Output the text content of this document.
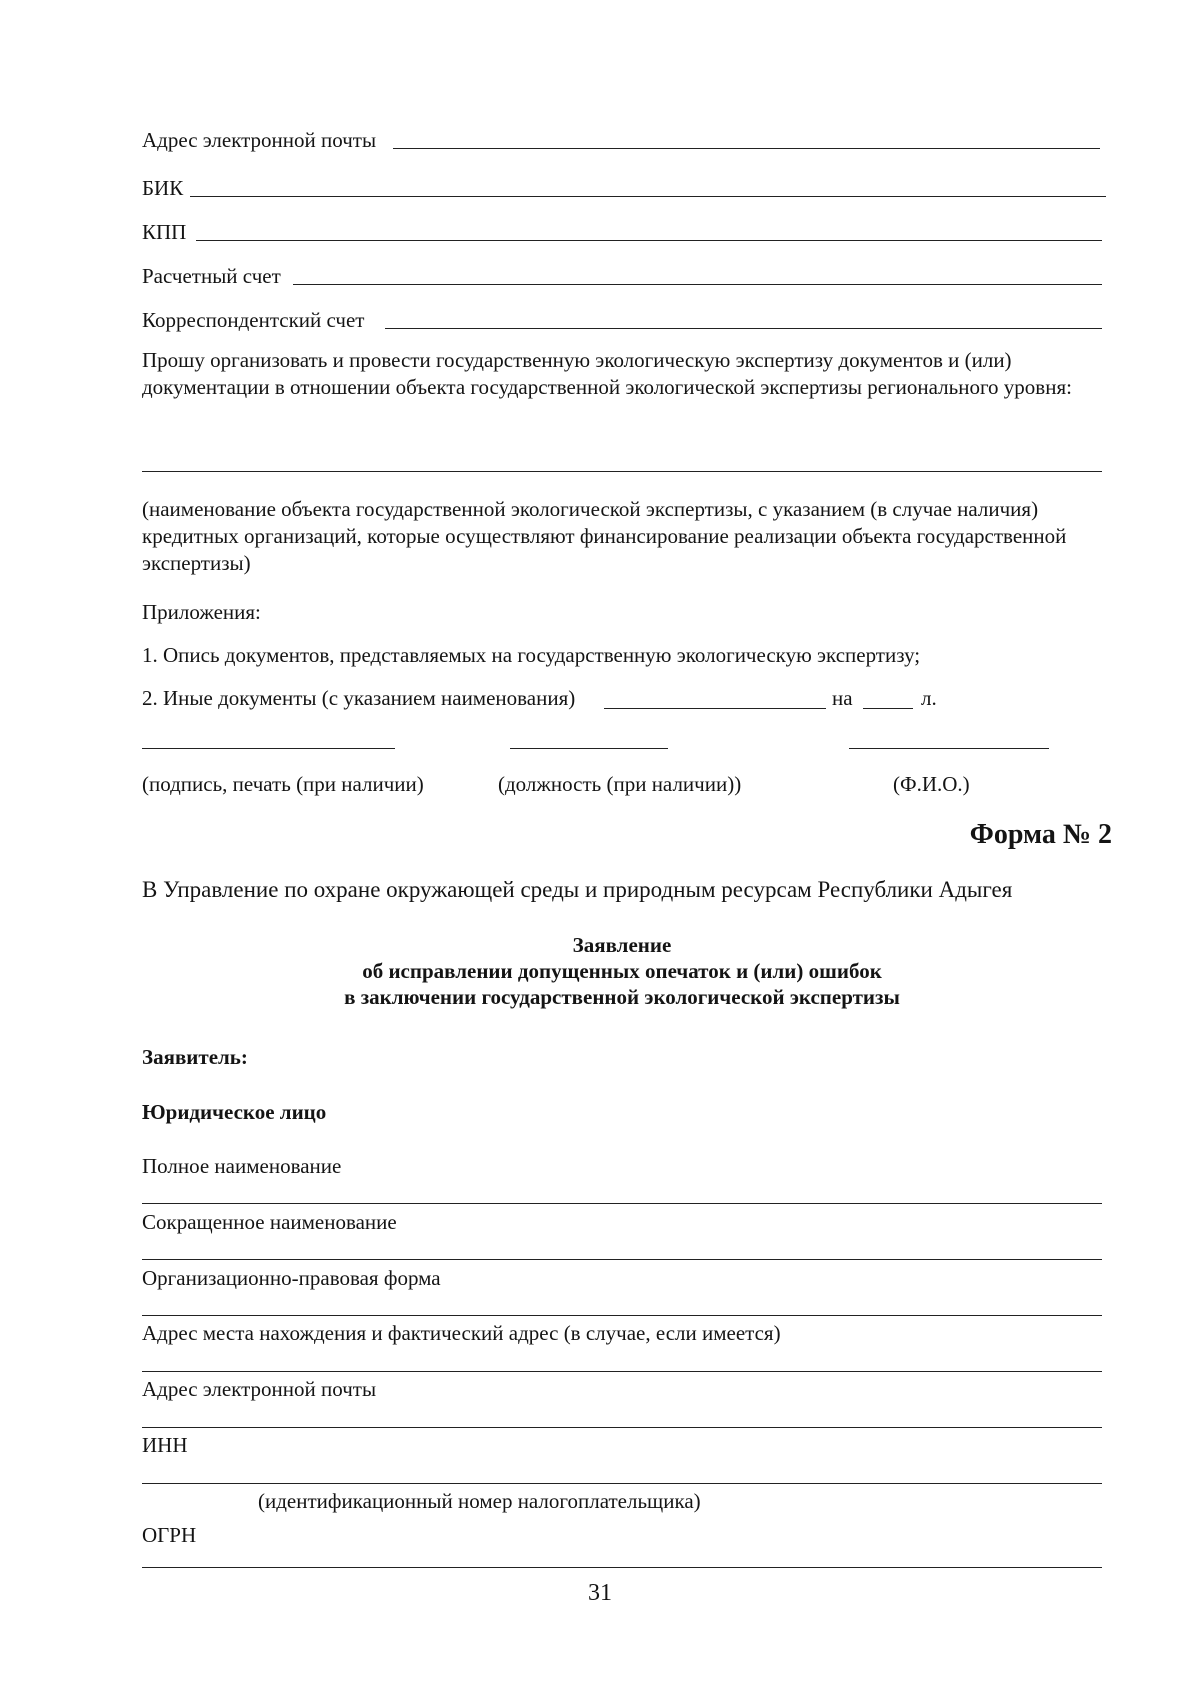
Адрес электронной почты
БИК
КПП
Расчетный счет
Корреспондентский счет
Прошу организовать и провести государственную экологическую экспертизу документов и (или) документации в отношении объекта государственной экологической экспертизы регионального уровня:
(наименование объекта государственной экологической экспертизы, с указанием (в случае наличия) кредитных организаций, которые осуществляют финансирование реализации объекта государственной экспертизы)
Приложения:
1. Опись документов, представляемых на государственную экологическую экспертизу;
2. Иные документы (с указанием наименования)	на	л.
(подпись, печать (при наличии)	(должность (при наличии))	(Ф.И.О.)
Форма № 2
В Управление по охране окружающей среды и природным ресурсам Республики Адыгея
Заявление
об исправлении допущенных опечаток и (или) ошибок
в заключении государственной экологической экспертизы
Заявитель:
Юридическое лицо
Полное наименование
Сокращенное наименование
Организационно-правовая форма
Адрес места нахождения и фактический адрес (в случае, если имеется)
Адрес электронной почты
ИНН
(идентификационный номер налогоплательщика)
ОГРН
31
